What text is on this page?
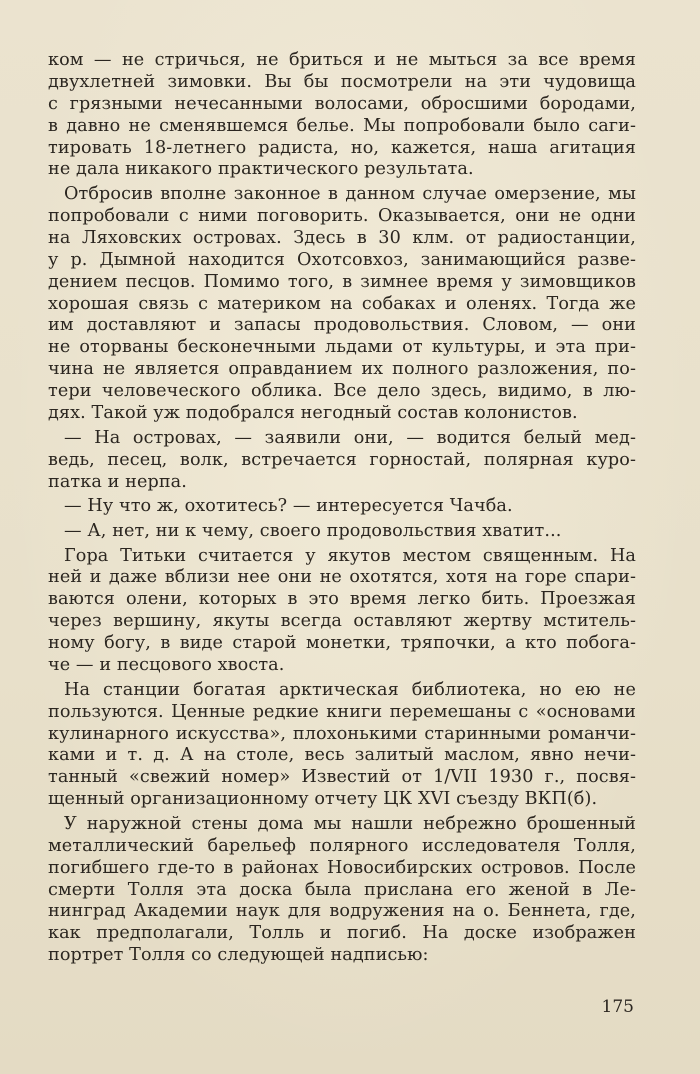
ком — не стричься, не бриться и не мыться за все время
двухлетней зимовки. Вы бы посмотрели на эти чудовища
с грязными нечесанными волосами, обросшими бородами,
в давно не сменявшемся белье. Мы попробовали было саги-
тировать 18-летнего радиста, но, кажется, наша агитация
не дала никакого практического результата.
Отбросив вполне законное в данном случае омерзение, мы
попробовали с ними поговорить. Оказывается, они не одни
на Ляховских островах. Здесь в 30 клм. от радиостанции,
у р. Дымной находится Охотсовхоз, занимающийся разве-
дением песцов. Помимо того, в зимнее время у зимовщиков
хорошая связь с материком на собаках и оленях. Тогда же
им доставляют и запасы продовольствия. Словом, — они
не оторваны бесконечными льдами от культуры, и эта при-
чина не является оправданием их полного разложения, по-
тери человеческого облика. Все дело здесь, видимо, в лю-
дях. Такой уж подобрался негодный состав колонистов.
— На островах, — заявили они, — водится белый мед-
ведь, песец, волк, встречается горностай, полярная куро-
патка и нерпа.
— Ну что ж, охотитесь? — интересуется Чачба.
— А, нет, ни к чему, своего продовольствия хватит...
Гора Титьки считается у якутов местом священным. На
ней и даже вблизи нее они не охотятся, хотя на горе спари-
ваются олени, которых в это время легко бить. Проезжая
через вершину, якуты всегда оставляют жертву мститель-
ному богу, в виде старой монетки, тряпочки, а кто побога-
че — и песцового хвоста.
На станции богатая арктическая библиотека, но ею не
пользуются. Ценные редкие книги перемешаны с «основами
кулинарного искусства», плохонькими старинными романчи-
ками и т. д. А на столе, весь залитый маслом, явно нечи-
танный «свежий номер» Известий от 1/VII 1930 г., посвя-
щенный организационному отчету ЦК XVI съезду ВКП(б).
У наружной стены дома мы нашли небрежно брошенный
металлический барельеф полярного исследователя Толля,
погибшего где-то в районах Новосибирских островов. После
смерти Толля эта доска была прислана его женой в Ле-
нинград Академии наук для водружения на о. Беннета, где,
как предполагали, Толль и погиб. На доске изображен
портрет Толля со следующей надписью:
175
